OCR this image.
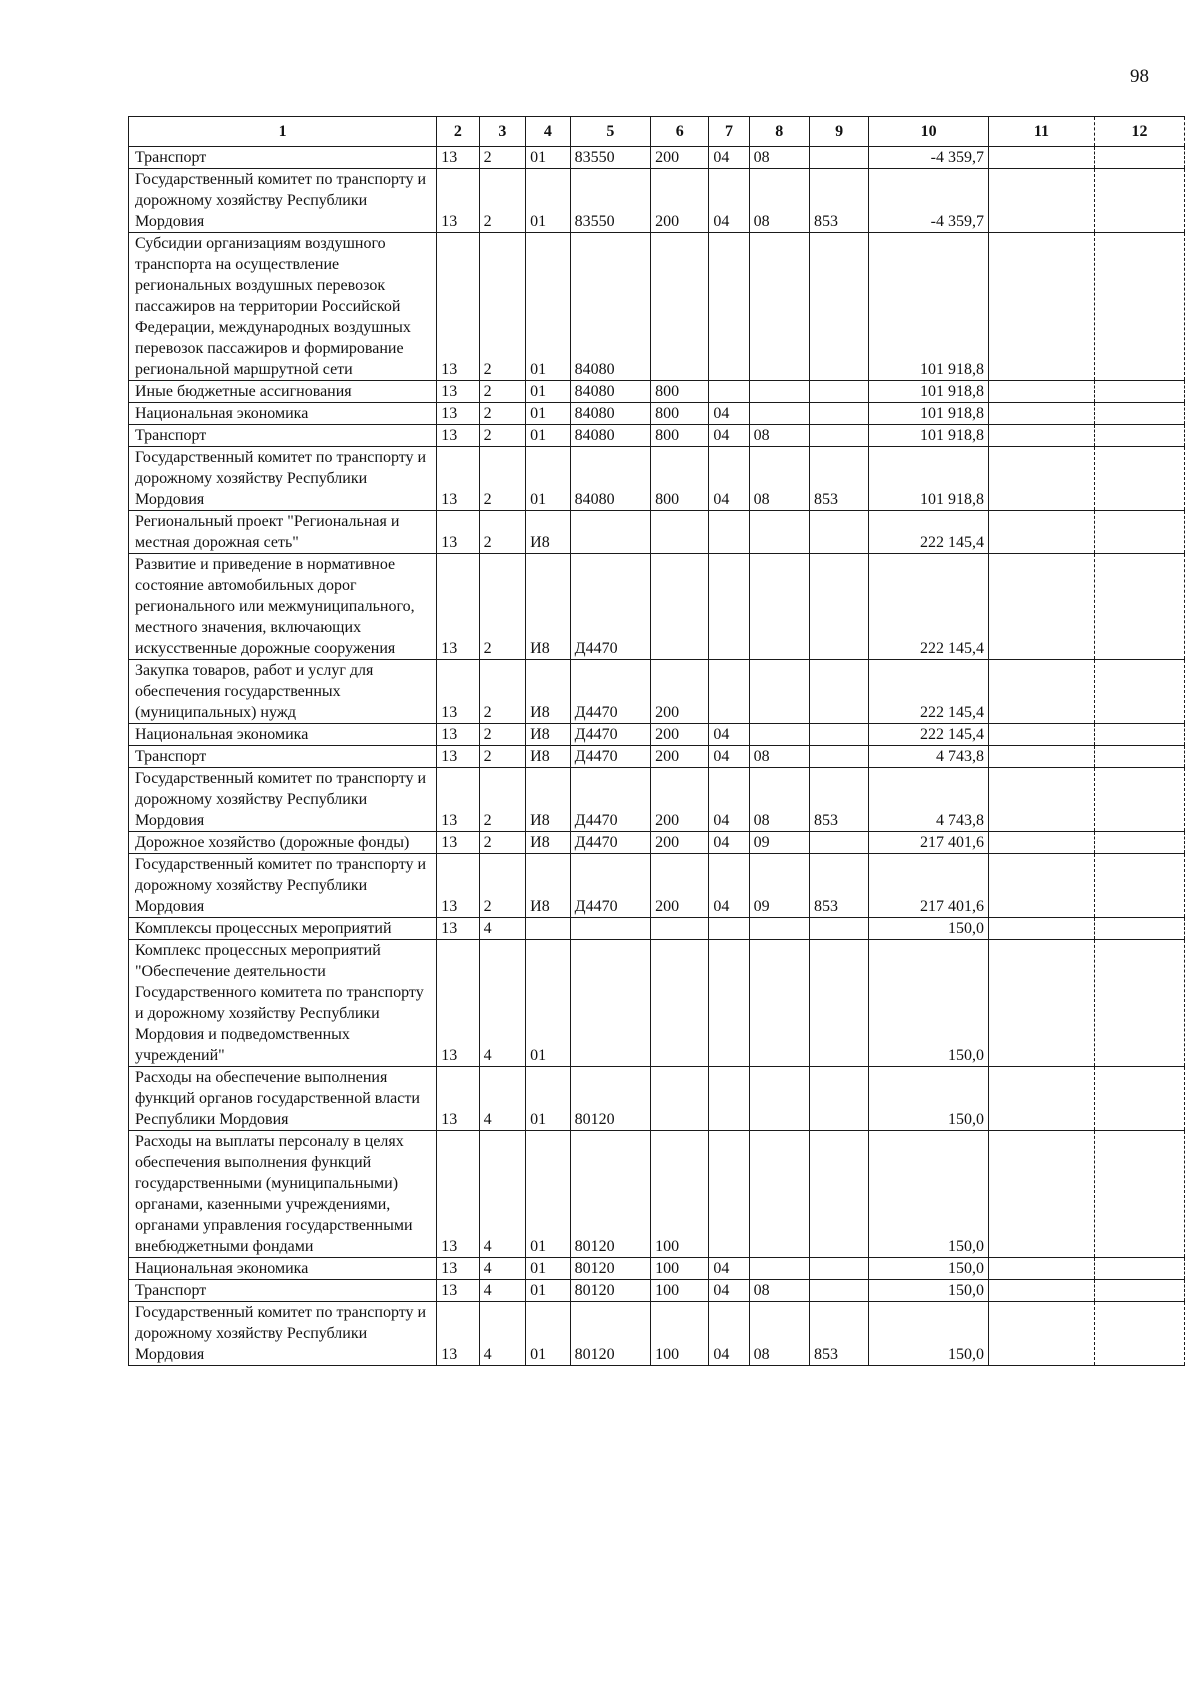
98
1	2	3	4	5	6	7	8	9	10	11	12
Транспорт	13	2	01	83550	200	04	08		-4 359,7		
Государственный комитет по транспорту и дорожному хозяйству Республики Мордовия	13	2	01	83550	200	04	08	853	-4 359,7		
Субсидии организациям воздушного транспорта на осуществление региональных воздушных перевозок пассажиров на территории Российской Федерации, международных воздушных перевозок пассажиров и формирование региональной маршрутной сети	13	2	01	84080					101 918,8		
Иные бюджетные ассигнования	13	2	01	84080	800				101 918,8		
Национальная экономика	13	2	01	84080	800	04			101 918,8		
Транспорт	13	2	01	84080	800	04	08		101 918,8		
Государственный комитет по транспорту и дорожному хозяйству Республики Мордовия	13	2	01	84080	800	04	08	853	101 918,8		
Региональный проект "Региональная и местная дорожная сеть"	13	2	И8						222 145,4		
Развитие и приведение в нормативное состояние автомобильных дорог регионального или межмуниципального, местного значения, включающих искусственные дорожные сооружения	13	2	И8	Д4470					222 145,4		
Закупка товаров, работ и услуг для обеспечения государственных (муниципальных) нужд	13	2	И8	Д4470	200				222 145,4		
Национальная экономика	13	2	И8	Д4470	200	04			222 145,4		
Транспорт	13	2	И8	Д4470	200	04	08		4 743,8		
Государственный комитет по транспорту и дорожному хозяйству Республики Мордовия	13	2	И8	Д4470	200	04	08	853	4 743,8		
Дорожное хозяйство (дорожные фонды)	13	2	И8	Д4470	200	04	09		217 401,6		
Государственный комитет по транспорту и дорожному хозяйству Республики Мордовия	13	2	И8	Д4470	200	04	09	853	217 401,6		
Комплексы процессных мероприятий	13	4							150,0		
Комплекс процессных мероприятий "Обеспечение деятельности Государственного комитета по транспорту и дорожному хозяйству Республики Мордовия и подведомственных учреждений"	13	4	01						150,0		
Расходы на обеспечение выполнения функций органов государственной власти Республики Мордовия	13	4	01	80120					150,0		
Расходы на выплаты персоналу в целях обеспечения выполнения функций государственными (муниципальными) органами, казенными учреждениями, органами управления государственными внебюджетными фондами	13	4	01	80120	100				150,0		
Национальная экономика	13	4	01	80120	100	04			150,0		
Транспорт	13	4	01	80120	100	04	08		150,0		
Государственный комитет по транспорту и дорожному хозяйству Республики Мордовия	13	4	01	80120	100	04	08	853	150,0		
